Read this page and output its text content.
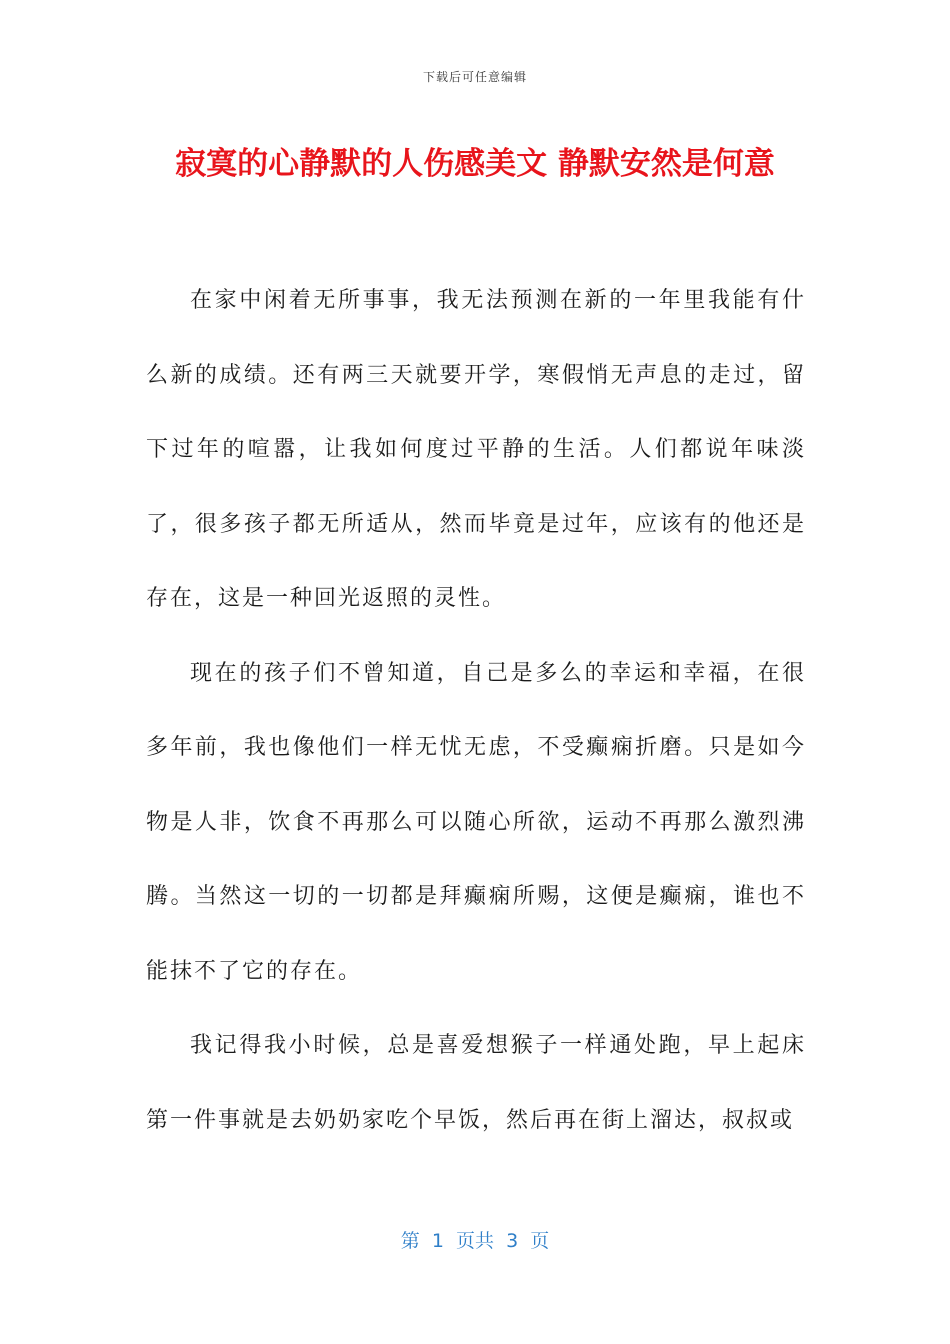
下载后可任意编辑
寂寞的心静默的人伤感美文 静默安然是何意

在家中闲着无所事事，我无法预测在新的一年里我能有什么新的成绩。还有两三天就要开学，寒假悄无声息的走过，留下过年的喧嚣，让我如何度过平静的生活。人们都说年味淡了，很多孩子都无所适从，然而毕竟是过年，应该有的他还是存在，这是一种回光返照的灵性。

现在的孩子们不曾知道，自己是多么的幸运和幸福，在很多年前，我也像他们一样无忧无虑，不受癫痫折磨。只是如今物是人非，饮食不再那么可以随心所欲，运动不再那么激烈沸腾。当然这一切的一切都是拜癫痫所赐，这便是癫痫，谁也不能抹不了它的存在。

我记得我小时候，总是喜爱想猴子一样通处跑，早上起床第一件事就是去奶奶家吃个早饭，然后再在街上溜达，叔叔或

第  1  页共  3  页
